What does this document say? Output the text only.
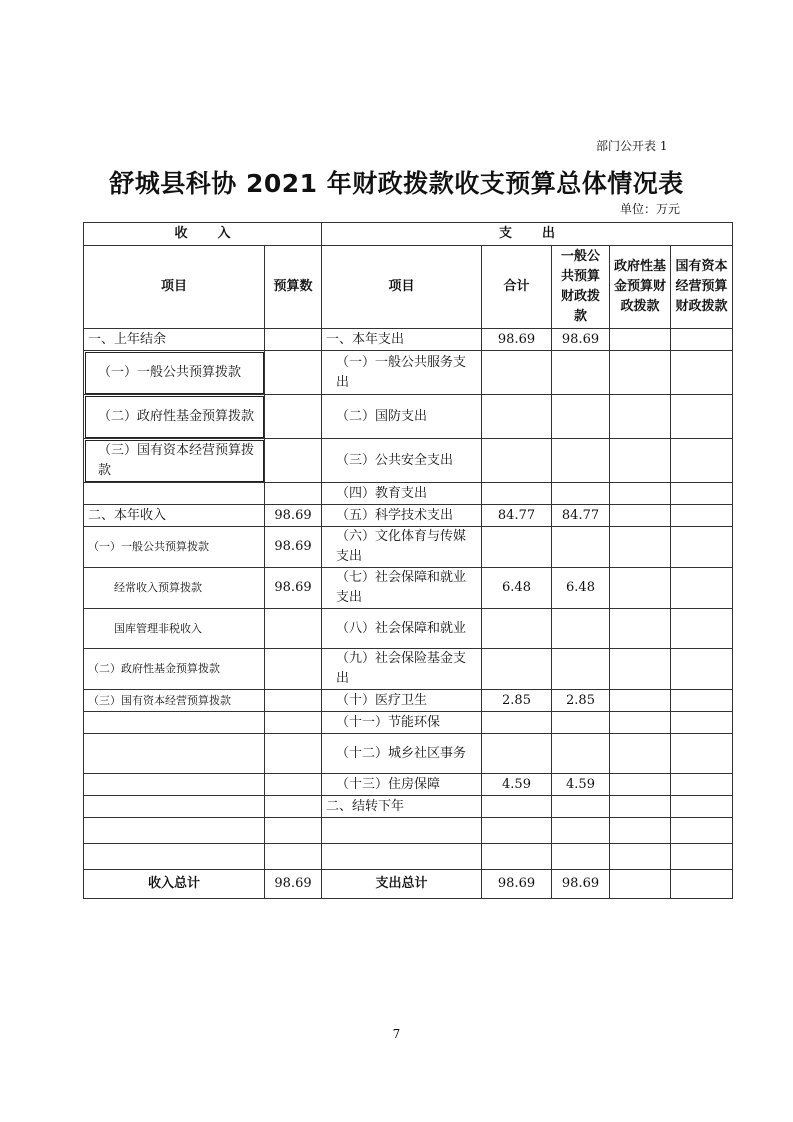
部门公开表 1
舒城县科协 2021 年财政拨款收支预算总体情况表
单位：万元
收入		支出				
项目	预算数	项目	合计	一般公共预算财政拨款	政府性基金预算财政拨款	国有资本经营预算财政拨款
一、上年结余		一、本年支出	98.69	98.69		
（一）一般公共预算拨款		（一）一般公共服务支出				
（二）政府性基金预算拨款		（二）国防支出				
（三）国有资本经营预算拨款		（三）公共安全支出				
		（四）教育支出				
二、本年收入	98.69	（五）科学技术支出	84.77	84.77		
（一）一般公共预算拨款	98.69	（六）文化体育与传媒支出				
经常收入预算拨款	98.69	（七）社会保障和就业支出	6.48	6.48		
国库管理非税收入		（八）社会保障和就业				
（二）政府性基金预算拨款		（九）社会保险基金支出				
（三）国有资本经营预算拨款		（十）医疗卫生	2.85	2.85		
		（十一）节能环保				
		（十二）城乡社区事务				
		（十三）住房保障	4.59	4.59		
		二、结转下年				

收入总计	98.69	支出总计	98.69	98.69		
7
